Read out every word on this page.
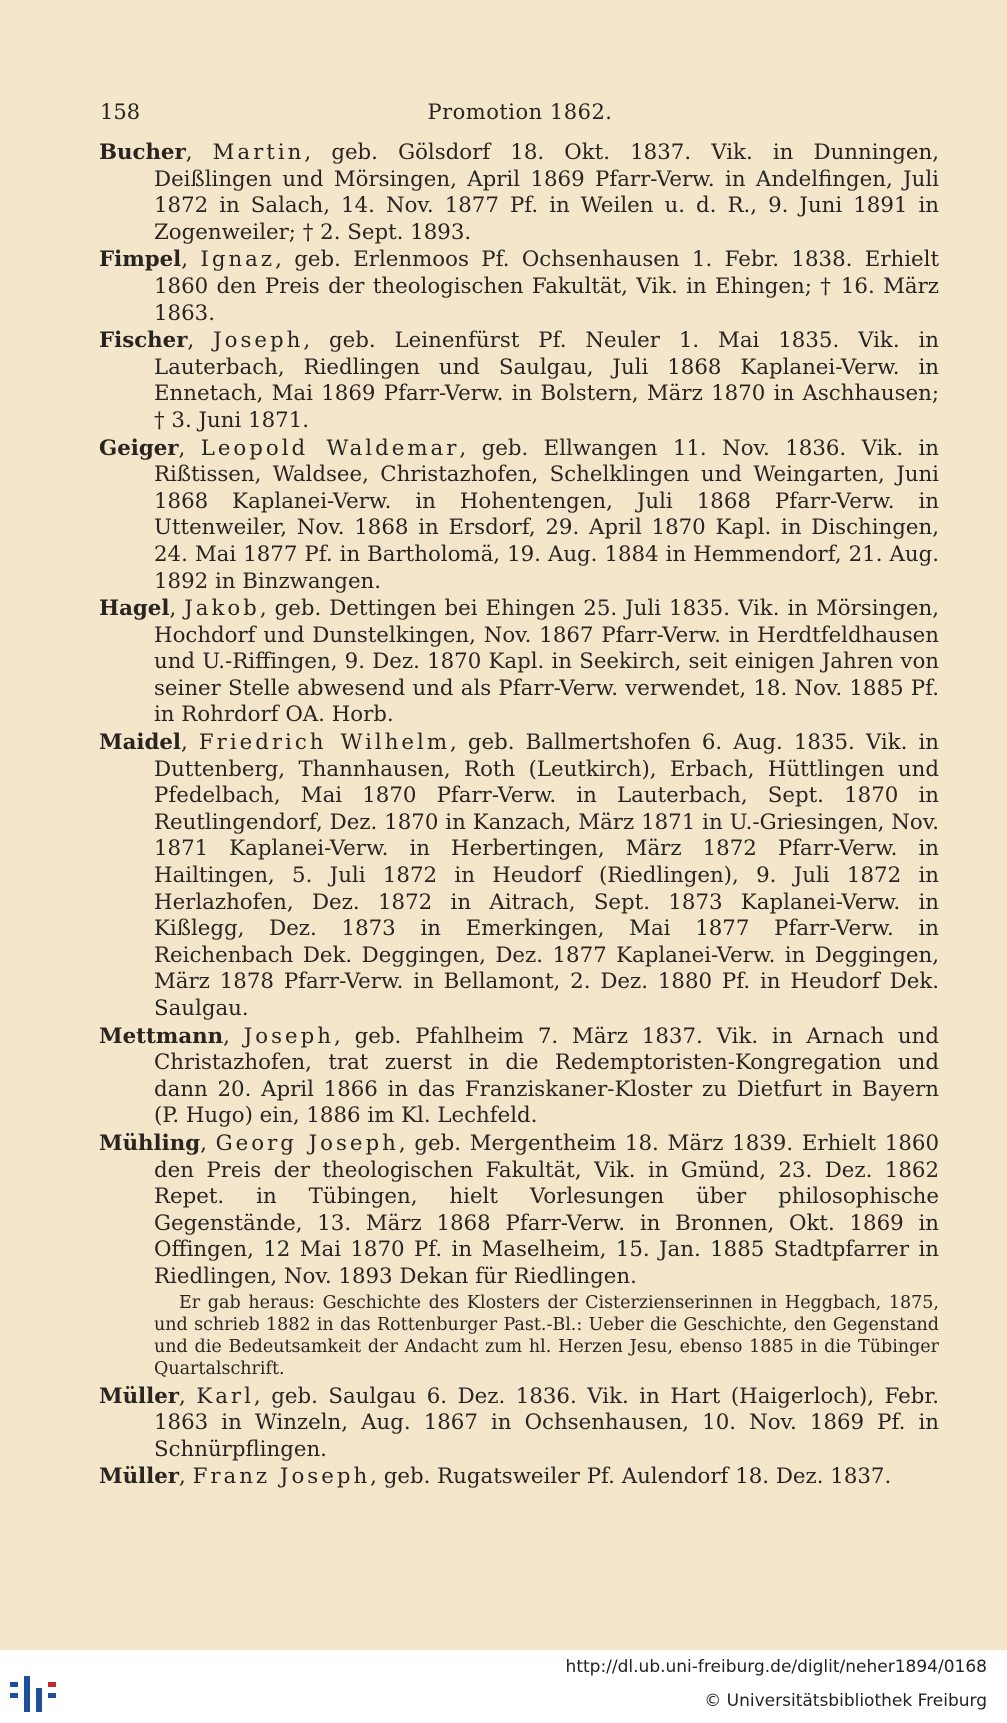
158	Promotion 1862.

Bucher, Martin, geb. Gölsdorf 18. Okt. 1837. Vik. in Dunningen, Deißlingen und Mörsingen, April 1869 Pfarr-Verw. in Andelfingen, Juli 1872 in Salach, 14. Nov. 1877 Pf. in Weilen u. d. R., 9. Juni 1891 in Zogenweiler; † 2. Sept. 1893.

Fimpel, Ignaz, geb. Erlenmoos Pf. Ochsenhausen 1. Febr. 1838. Erhielt 1860 den Preis der theologischen Fakultät, Vik. in Ehingen; † 16. März 1863.

Fischer, Joseph, geb. Leinenfürst Pf. Neuler 1. Mai 1835. Vik. in Lauterbach, Riedlingen und Saulgau, Juli 1868 Kaplanei-Verw. in Ennetach, Mai 1869 Pfarr-Verw. in Bolstern, März 1870 in Aschhausen; † 3. Juni 1871.

Geiger, Leopold Waldemar, geb. Ellwangen 11. Nov. 1836. Vik. in Rißtissen, Waldsee, Christazhofen, Schelklingen und Weingarten, Juni 1868 Kaplanei-Verw. in Hohentengen, Juli 1868 Pfarr-Verw. in Uttenweiler, Nov. 1868 in Ersdorf, 29. April 1870 Kapl. in Dischingen, 24. Mai 1877 Pf. in Bartholomä, 19. Aug. 1884 in Hemmendorf, 21. Aug. 1892 in Binzwangen.

Hagel, Jakob, geb. Dettingen bei Ehingen 25. Juli 1835. Vik. in Mörsingen, Hochdorf und Dunstelkingen, Nov. 1867 Pfarr-Verw. in Herdtfeldhausen und U.-Riffingen, 9. Dez. 1870 Kapl. in Seekirch, seit einigen Jahren von seiner Stelle abwesend und als Pfarr-Verw. verwendet, 18. Nov. 1885 Pf. in Rohrdorf OA. Horb.

Maidel, Friedrich Wilhelm, geb. Ballmertshofen 6. Aug. 1835. Vik. in Duttenberg, Thannhausen, Roth (Leutkirch), Erbach, Hüttlingen und Pfedelbach, Mai 1870 Pfarr-Verw. in Lauterbach, Sept. 1870 in Reutlingendorf, Dez. 1870 in Kanzach, März 1871 in U.-Griesingen, Nov. 1871 Kaplanei-Verw. in Herbertingen, März 1872 Pfarr-Verw. in Hailtingen, 5. Juli 1872 in Heudorf (Riedlingen), 9. Juli 1872 in Herlazhofen, Dez. 1872 in Aitrach, Sept. 1873 Kaplanei-Verw. in Kißlegg, Dez. 1873 in Emerkingen, Mai 1877 Pfarr-Verw. in Reichenbach Dek. Deggingen, Dez. 1877 Kaplanei-Verw. in Deggingen, März 1878 Pfarr-Verw. in Bellamont, 2. Dez. 1880 Pf. in Heudorf Dek. Saulgau.

Mettmann, Joseph, geb. Pfahlheim 7. März 1837. Vik. in Arnach und Christazhofen, trat zuerst in die Redemptoristen-Kongregation und dann 20. April 1866 in das Franziskaner-Kloster zu Dietfurt in Bayern (P. Hugo) ein, 1886 im Kl. Lechfeld.

Mühling, Georg Joseph, geb. Mergentheim 18. März 1839. Erhielt 1860 den Preis der theologischen Fakultät, Vik. in Gmünd, 23. Dez. 1862 Repet. in Tübingen, hielt Vorlesungen über philosophische Gegenstände, 13. März 1868 Pfarr-Verw. in Bronnen, Okt. 1869 in Offingen, 12 Mai 1870 Pf. in Maselheim, 15. Jan. 1885 Stadtpfarrer in Riedlingen, Nov. 1893 Dekan für Riedlingen.

Er gab heraus: Geschichte des Klosters der Cisterzienserinnen in Heggbach, 1875, und schrieb 1882 in das Rottenburger Past.-Bl.: Ueber die Geschichte, den Gegenstand und die Bedeutsamkeit der Andacht zum hl. Herzen Jesu, ebenso 1885 in die Tübinger Quartalschrift.

Müller, Karl, geb. Saulgau 6. Dez. 1836. Vik. in Hart (Haigerloch), Febr. 1863 in Winzeln, Aug. 1867 in Ochsenhausen, 10. Nov. 1869 Pf. in Schnürpflingen.

Müller, Franz Joseph, geb. Rugatsweiler Pf. Aulendorf 18. Dez. 1837.

http://dl.ub.uni-freiburg.de/diglit/neher1894/0168
© Universitätsbibliothek Freiburg
